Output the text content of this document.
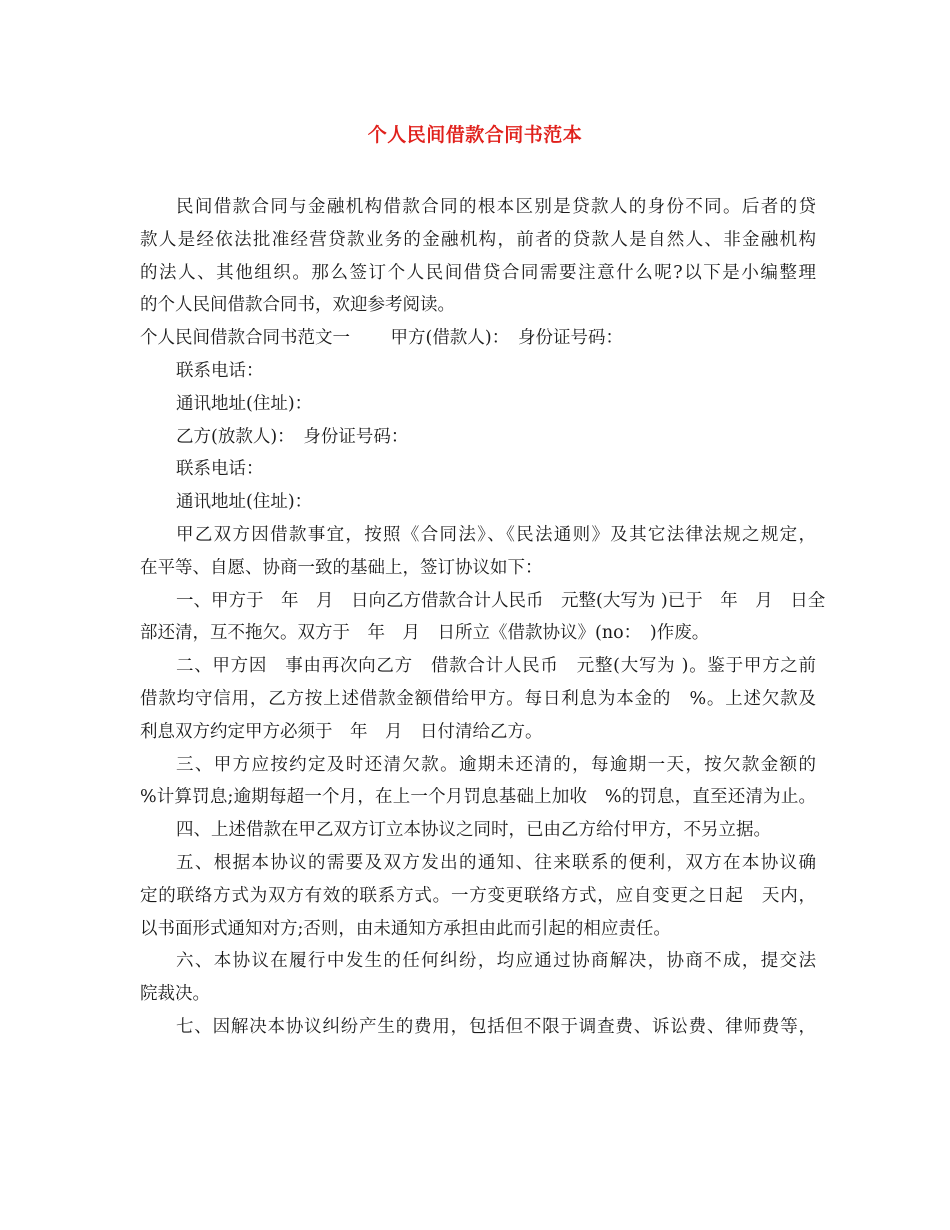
个人民间借款合同书范本
民间借款合同与金融机构借款合同的根本区别是贷款人的身份不同。后者的贷
款人是经依法批准经营贷款业务的金融机构，前者的贷款人是自然人、非金融机构
的法人、其他组织。那么签订个人民间借贷合同需要注意什么呢?以下是小编整理
的个人民间借款合同书，欢迎参考阅读。
个人民间借款合同书范文一　　 甲方(借款人)：　身份证号码：
联系电话：
通讯地址(住址)：
乙方(放款人)：　身份证号码：
联系电话：
通讯地址(住址)：
甲乙双方因借款事宜，按照《合同法》、《民法通则》及其它法律法规之规定，
在平等、自愿、协商一致的基础上，签订协议如下：
一、甲方于　年　月　日向乙方借款合计人民币　元整(大写为 )已于　年　月　日全
部还清，互不拖欠。双方于　年　月　日所立《借款协议》(no：　)作废。
二、甲方因　事由再次向乙方　借款合计人民币　元整(大写为 )。鉴于甲方之前
借款均守信用，乙方按上述借款金额借给甲方。每日利息为本金的　%。上述欠款及
利息双方约定甲方必须于　年　月　日付清给乙方。
三、甲方应按约定及时还清欠款。逾期未还清的，每逾期一天，按欠款金额的
%计算罚息;逾期每超一个月，在上一个月罚息基础上加收　%的罚息，直至还清为止。
四、上述借款在甲乙双方订立本协议之同时，已由乙方给付甲方，不另立据。
五、根据本协议的需要及双方发出的通知、往来联系的便利，双方在本协议确
定的联络方式为双方有效的联系方式。一方变更联络方式，应自变更之日起　天内，
以书面形式通知对方;否则，由未通知方承担由此而引起的相应责任。
六、本协议在履行中发生的任何纠纷，均应通过协商解决，协商不成，提交法
院裁决。
七、因解决本协议纠纷产生的费用，包括但不限于调查费、诉讼费、律师费等，
